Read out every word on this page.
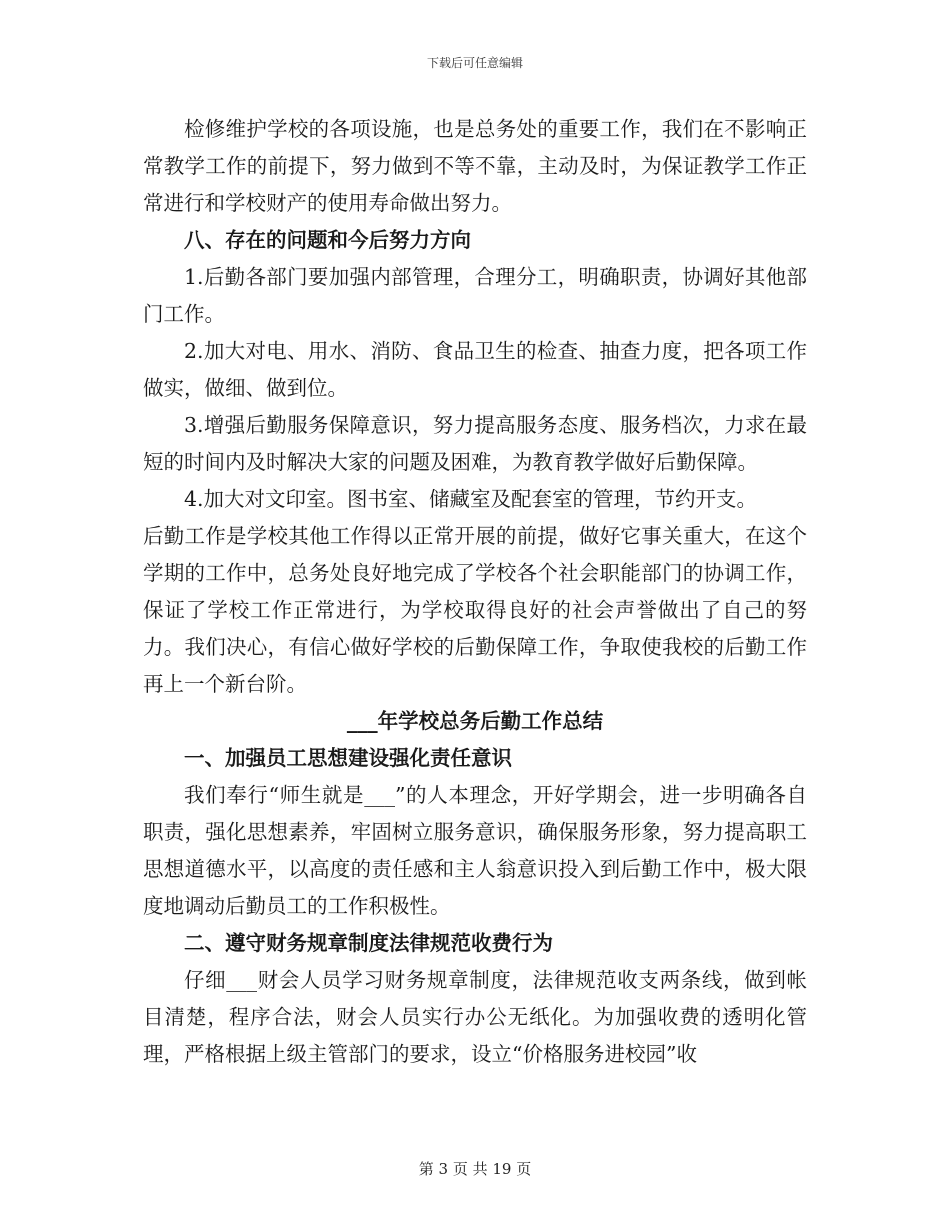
下载后可任意编辑

检修维护学校的各项设施，也是总务处的重要工作，我们在不影响正常教学工作的前提下，努力做到不等不靠，主动及时，为保证教学工作正常进行和学校财产的使用寿命做出努力。

八、存在的问题和今后努力方向

1.后勤各部门要加强内部管理，合理分工，明确职责，协调好其他部门工作。

2.加大对电、用水、消防、食品卫生的检查、抽查力度，把各项工作做实，做细、做到位。

3.增强后勤服务保障意识，努力提高服务态度、服务档次，力求在最短的时间内及时解决大家的问题及困难，为教育教学做好后勤保障。

4.加大对文印室。图书室、储藏室及配套室的管理，节约开支。

后勤工作是学校其他工作得以正常开展的前提，做好它事关重大，在这个学期的工作中，总务处良好地完成了学校各个社会职能部门的协调工作，保证了学校工作正常进行，为学校取得良好的社会声誉做出了自己的努力。我们决心，有信心做好学校的后勤保障工作，争取使我校的后勤工作再上一个新台阶。

___年学校总务后勤工作总结

一、加强员工思想建设强化责任意识

我们奉行“师生就是___”的人本理念，开好学期会，进一步明确各自职责，强化思想素养，牢固树立服务意识，确保服务形象，努力提高职工思想道德水平，以高度的责任感和主人翁意识投入到后勤工作中，极大限度地调动后勤员工的工作积极性。

二、遵守财务规章制度法律规范收费行为

仔细___财会人员学习财务规章制度，法律规范收支两条线，做到帐目清楚，程序合法，财会人员实行办公无纸化。为加强收费的透明化管理，严格根据上级主管部门的要求，设立“价格服务进校园”收

第 3 页 共 19 页
